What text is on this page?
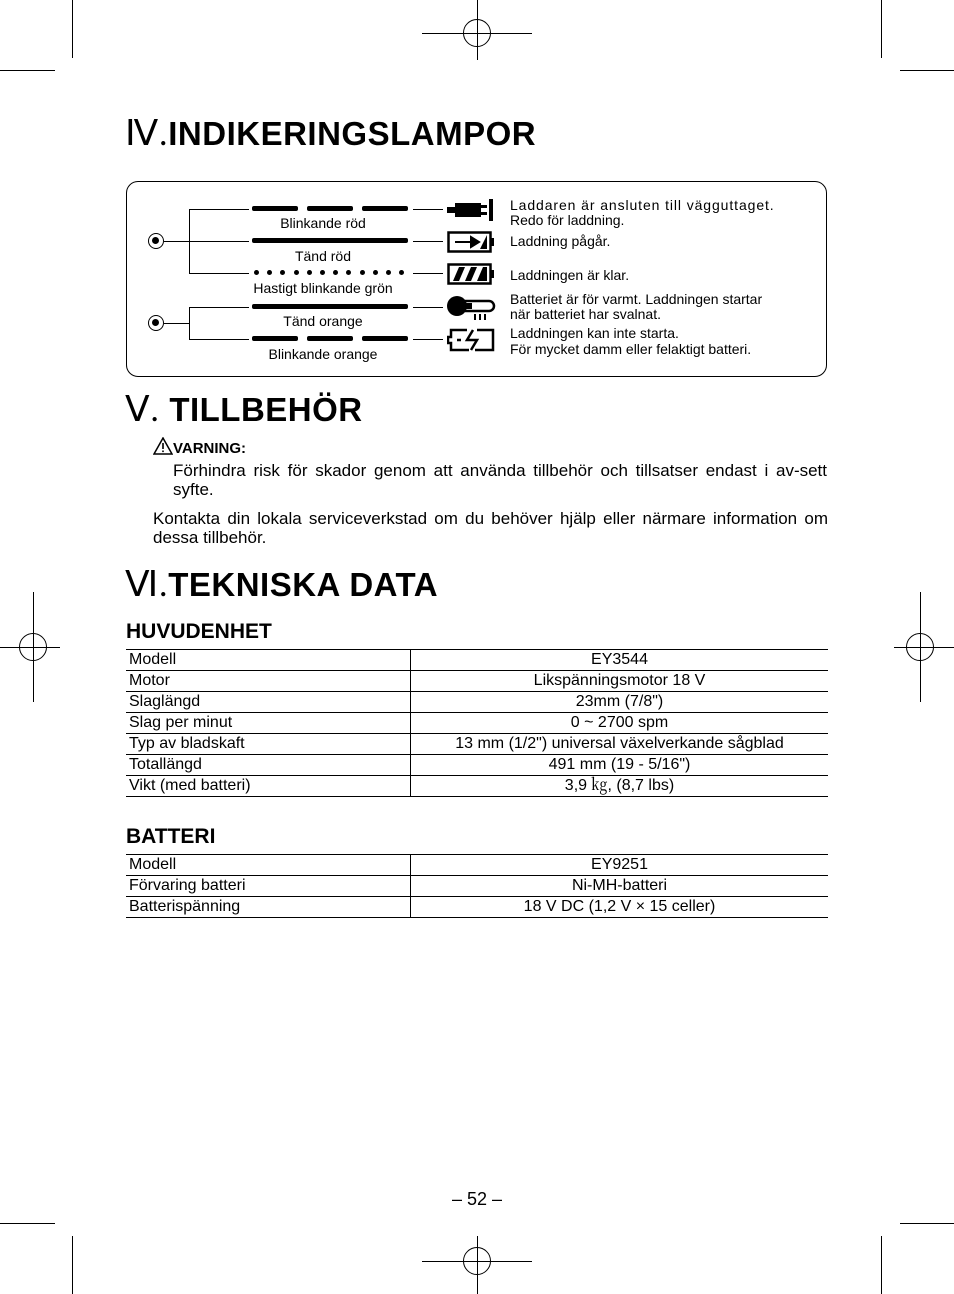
Ⅳ.INDIKERINGSLAMPOR
Blinkande röd
Tänd röd
Hastigt blinkande grön
Tänd orange
Blinkande orange
Laddaren är ansluten till vägguttaget.
Redo för laddning.
Laddning pågår.
Laddningen är klar.
Batteriet är för varmt. Laddningen startar
när batteriet har svalnat.
Laddningen kan inte starta.
För mycket damm eller felaktigt batteri.
Ⅴ. TILLBEHÖR
VARNING:
Förhindra risk för skador genom att använda tillbehör och tillsatser endast i av-sett syfte.
Kontakta din lokala serviceverkstad om du behöver hjälp eller närmare information om dessa tillbehör.
Ⅵ.TEKNISKA DATA
HUVUDENHET
Modell	EY3544
Motor	Likspänningsmotor 18 V
Slaglängd	23mm (7/8")
Slag per minut	0 ~ 2700 spm
Typ av bladskaft	13 mm (1/2") universal växelverkande sågblad
Totallängd	491 mm (19 - 5/16")
Vikt (med batteri)	3,9 ㎏, (8,7 lbs)
BATTERI
Modell	EY9251
Förvaring batteri	Ni-MH-batteri
Batterispänning	18 V DC (1,2 V × 15 celler)
– 52 –
